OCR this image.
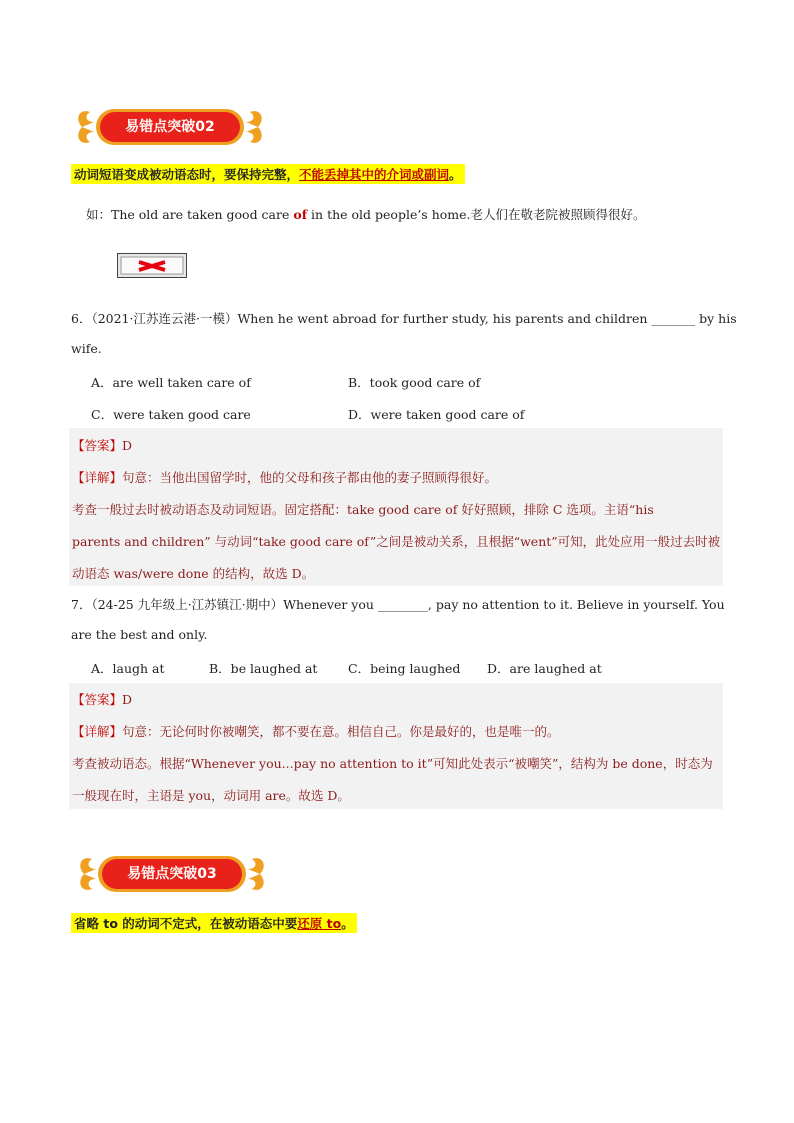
易错点突破02
动词短语变成被动语态时，要保持完整，不能丢掉其中的介词或副词。
如：The old are taken good care of in the old people’s home.老人们在敬老院被照顾得很好。
6．（2021·江苏连云港·一模）When he went abroad for further study, his parents and children _______ by his
wife.
A．are well taken care of	B．took good care of
C．were taken good care	D．were taken good care of
【答案】D
【详解】句意：当他出国留学时，他的父母和孩子都由他的妻子照顾得很好。
考查一般过去时被动语态及动词短语。固定搭配：take good care of 好好照顾，排除 C 选项。主语“his
parents and children” 与动词“take good care of”之间是被动关系，且根据“went”可知，此处应用一般过去时被
动语态 was/were done 的结构，故选 D。
7．（24-25 九年级上·江苏镇江·期中）Whenever you ________, pay no attention to it. Believe in yourself. You
are the best and only.
A．laugh at	B．be laughed at C．being laughed D．are laughed at
【答案】D
【详解】句意：无论何时你被嘲笑，都不要在意。相信自己。你是最好的，也是唯一的。
考查被动语态。根据“Whenever you...pay no attention to it”可知此处表示“被嘲笑”，结构为 be done，时态为
一般现在时，主语是 you，动词用 are。故选 D。
易错点突破03
省略 to 的动词不定式，在被动语态中要还原 to。
